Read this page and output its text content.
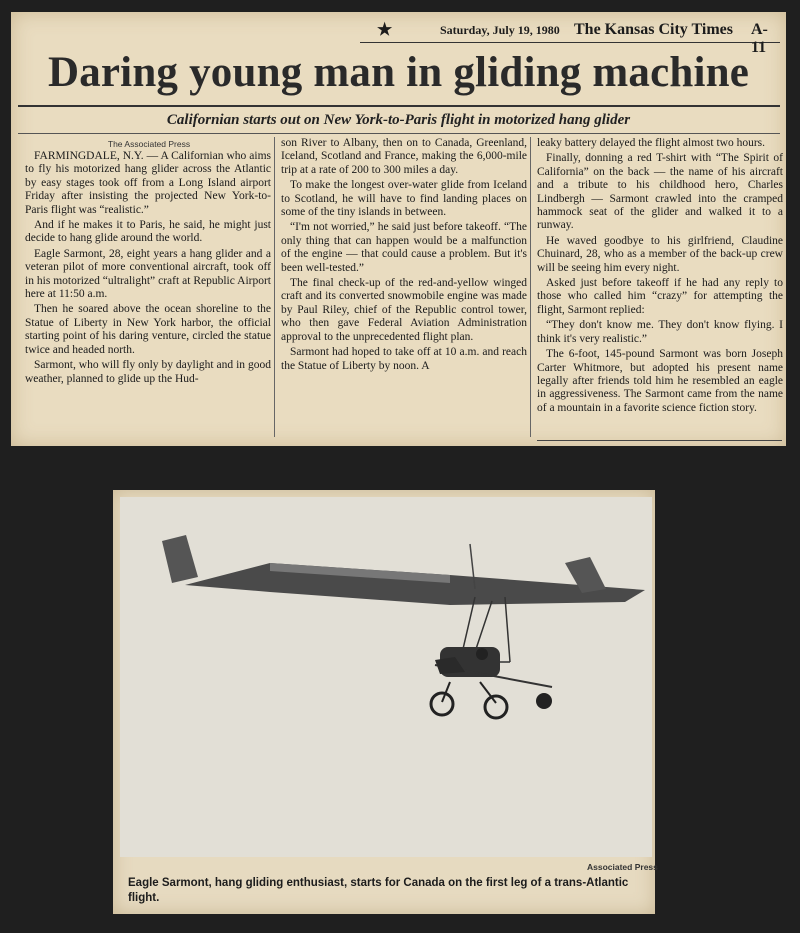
★	Saturday, July 19, 1980 The Kansas City Times A-11
Daring young man in gliding machine
Californian starts out on New York-to-Paris flight in motorized hang glider
The Associated Press

FARMINGDALE, N.Y. — A Californian who aims to fly his motorized hang glider across the Atlantic by easy stages took off from a Long Island airport Friday after insisting the projected New York-to-Paris flight was “realistic.”

And if he makes it to Paris, he said, he might just decide to hang glide around the world.

Eagle Sarmont, 28, eight years a hang glider and a veteran pilot of more conventional aircraft, took off in his motorized “ultralight” craft at Republic Airport here at 11:50 a.m.

Then he soared above the ocean shoreline to the Statue of Liberty in New York harbor, the official starting point of his daring venture, circled the statue twice and headed north.

Sarmont, who will fly only by daylight and in good weather, planned to glide up the Hud-

son River to Albany, then on to Canada, Greenland, Iceland, Scotland and France, making the 6,000-mile trip at a rate of 200 to 300 miles a day.

To make the longest over-water glide from Iceland to Scotland, he will have to find landing places on some of the tiny islands in between.

“I'm not worried,” he said just before takeoff. “The only thing that can happen would be a malfunction of the engine — that could cause a problem. But it's been well-tested.”

The final check-up of the red-and-yellow winged craft and its converted snowmobile engine was made by Paul Riley, chief of the Republic control tower, who then gave Federal Aviation Administration approval to the unprecedented flight plan.

Sarmont had hoped to take off at 10 a.m. and reach the Statue of Liberty by noon. A

leaky battery delayed the flight almost two hours.

Finally, donning a red T-shirt with “The Spirit of California” on the back — the name of his aircraft and a tribute to his childhood hero, Charles Lindbergh — Sarmont crawled into the cramped hammock seat of the glider and walked it to a runway.

He waved goodbye to his girlfriend, Claudine Chuinard, 28, who as a member of the back-up crew will be seeing him every night.

Asked just before takeoff if he had any reply to those who called him “crazy” for attempting the flight, Sarmont replied:

“They don't know me. They don't know flying. I think it's very realistic.”

The 6-foot, 145-pound Sarmont was born Joseph Carter Whitmore, but adopted his present name legally after friends told him he resembled an eagle in aggressiveness. The Sarmont came from the name of a mountain in a favorite science fiction story.

Associated Press
Eagle Sarmont, hang gliding enthusiast, starts for Canada on the first leg of a trans-Atlantic flight.
